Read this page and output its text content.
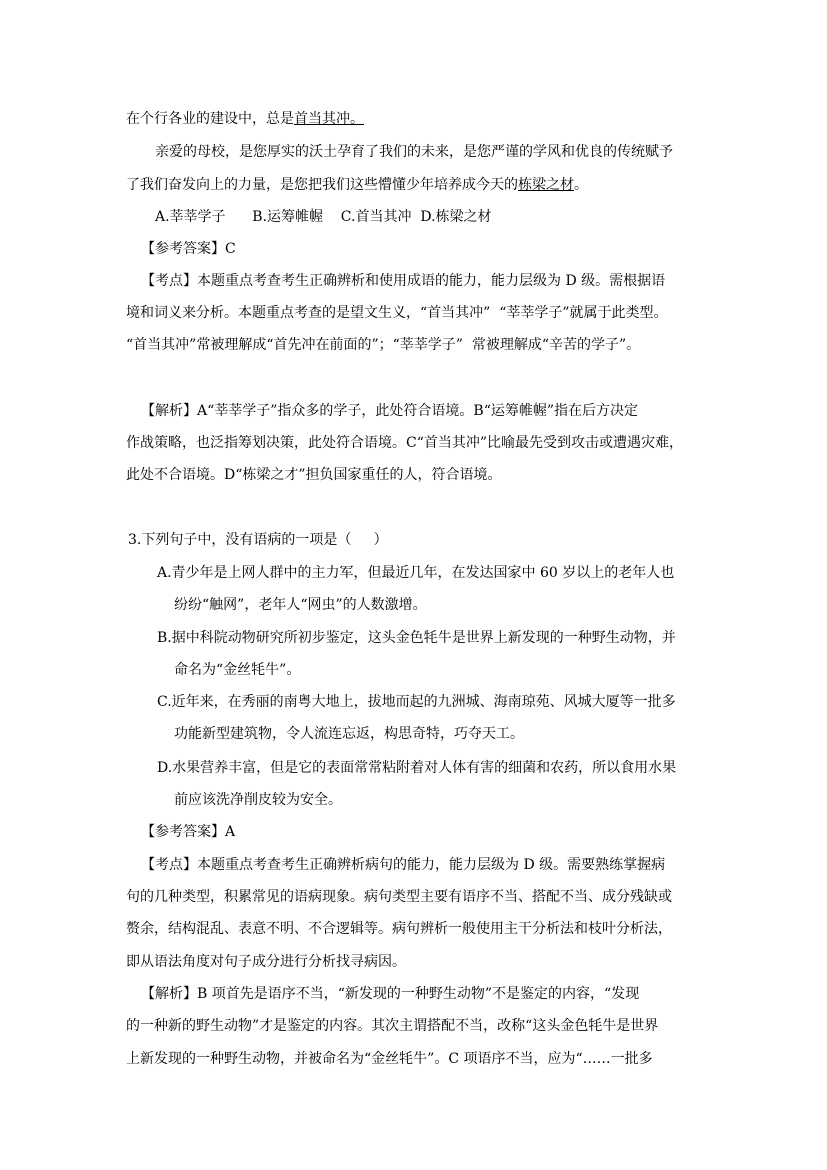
在个行各业的建设中，总是首当其冲。
亲爱的母校，是您厚实的沃土孕育了我们的未来，是您严谨的学风和优良的传统赋予
了我们奋发向上的力量，是您把我们这些懵懂少年培养成今天的栋梁之材。
A.莘莘学子      B.运筹帷幄    C.首当其冲  D.栋梁之材
【参考答案】C
【考点】本题重点考查考生正确辨析和使用成语的能力，能力层级为 D 级。需根据语
境和词义来分析。本题重点考查的是望文生义，“首当其冲”  “莘莘学子”就属于此类型。
“首当其冲”常被理解成“首先冲在前面的”；“莘莘学子”  常被理解成“辛苦的学子”。
【解析】A“莘莘学子”指众多的学子，此处符合语境。B“运筹帷幄”指在后方决定
作战策略，也泛指筹划决策，此处符合语境。C“首当其冲”比喻最先受到攻击或遭遇灾难，
此处不合语境。D“栋梁之才”担负国家重任的人，符合语境。
3.下列句子中，没有语病的一项是（     ）
A.青少年是上网人群中的主力军，但最近几年，在发达国家中 60 岁以上的老年人也
纷纷“触网”，老年人“网虫”的人数激增。
B.据中科院动物研究所初步鉴定，这头金色牦牛是世界上新发现的一种野生动物，并
命名为“金丝牦牛”。
C.近年来，在秀丽的南粤大地上，拔地而起的九洲城、海南琼苑、风城大厦等一批多
功能新型建筑物，令人流连忘返，构思奇特，巧夺天工。
D.水果营养丰富，但是它的表面常常粘附着对人体有害的细菌和农药，所以食用水果
前应该洗净削皮较为安全。
【参考答案】A
【考点】本题重点考查考生正确辨析病句的能力，能力层级为 D 级。需要熟练掌握病
句的几种类型，积累常见的语病现象。病句类型主要有语序不当、搭配不当、成分残缺或
赘余，结构混乱、表意不明、不合逻辑等。病句辨析一般使用主干分析法和枝叶分析法，
即从语法角度对句子成分进行分析找寻病因。
【解析】B 项首先是语序不当，“新发现的一种野生动物”不是鉴定的内容，“发现
的一种新的野生动物”才是鉴定的内容。其次主谓搭配不当，改称“这头金色牦牛是世界
上新发现的一种野生动物，并被命名为“金丝牦牛”。C 项语序不当，应为“……一批多
